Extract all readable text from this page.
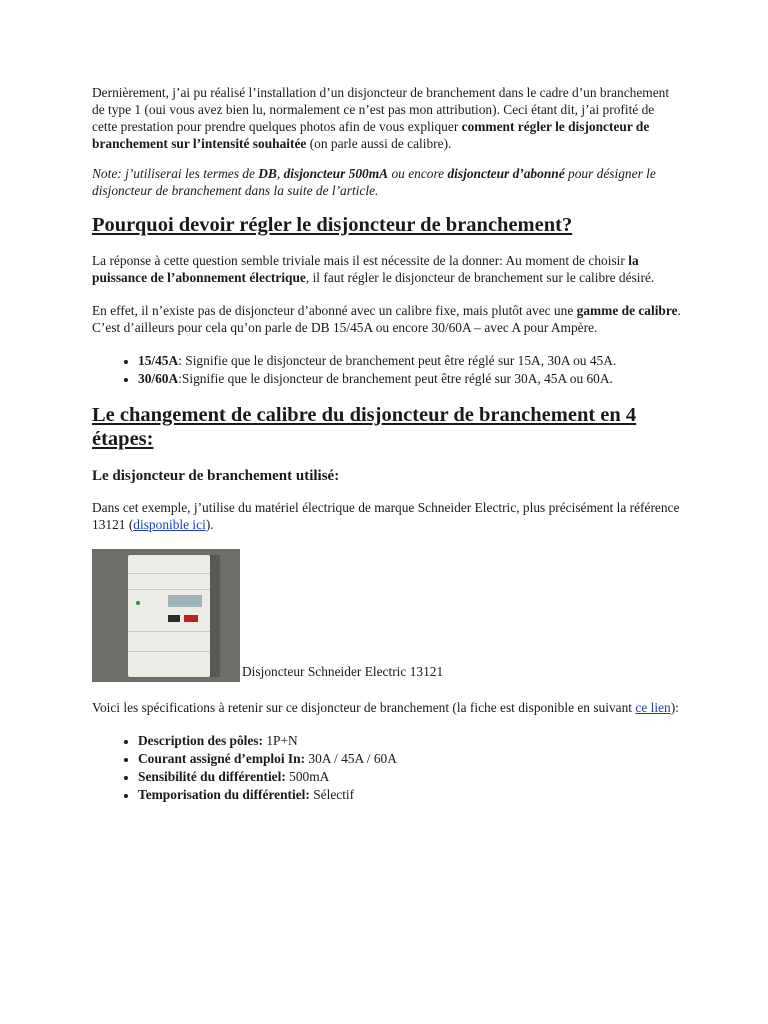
Dernièrement, j’ai pu réalisé l’installation d’un disjoncteur de branchement dans le cadre d’un branchement de type 1 (oui vous avez bien lu, normalement ce n’est pas mon attribution). Ceci étant dit, j’ai profité de cette prestation pour prendre quelques photos afin de vous expliquer comment régler le disjoncteur de branchement sur l’intensité souhaitée (on parle aussi de calibre).

Note: j’utiliserai les termes de DB, disjoncteur 500mA ou encore disjoncteur d’abonné pour désigner le disjoncteur de branchement dans la suite de l’article.

Pourquoi devoir régler le disjoncteur de branchement?

La réponse à cette question semble triviale mais il est nécessite de la donner: Au moment de choisir la puissance de l’abonnement électrique, il faut régler le disjoncteur de branchement sur le calibre désiré.

En effet, il n’existe pas de disjoncteur d’abonné avec un calibre fixe, mais plutôt avec une gamme de calibre. C’est d’ailleurs pour cela qu’on parle de DB 15/45A ou encore 30/60A – avec A pour Ampère.

• 15/45A: Signifie que le disjoncteur de branchement peut être réglé sur 15A, 30A ou 45A.
• 30/60A:Signifie que le disjoncteur de branchement peut être réglé sur 30A, 45A ou 60A.
Le changement de calibre du disjoncteur de branchement en 4 étapes:
Le disjoncteur de branchement utilisé:

Dans cet exemple, j’utilise du matériel électrique de marque Schneider Electric, plus précisément la référence 13121 (disponible ici).

Disjoncteur Schneider Electric 13121

Voici les spécifications à retenir sur ce disjoncteur de branchement (la fiche est disponible en suivant ce lien):

• Description des pôles: 1P+N
• Courant assigné d’emploi In: 30A / 45A / 60A
• Sensibilité du différentiel: 500mA
• Temporisation du différentiel: Sélectif
